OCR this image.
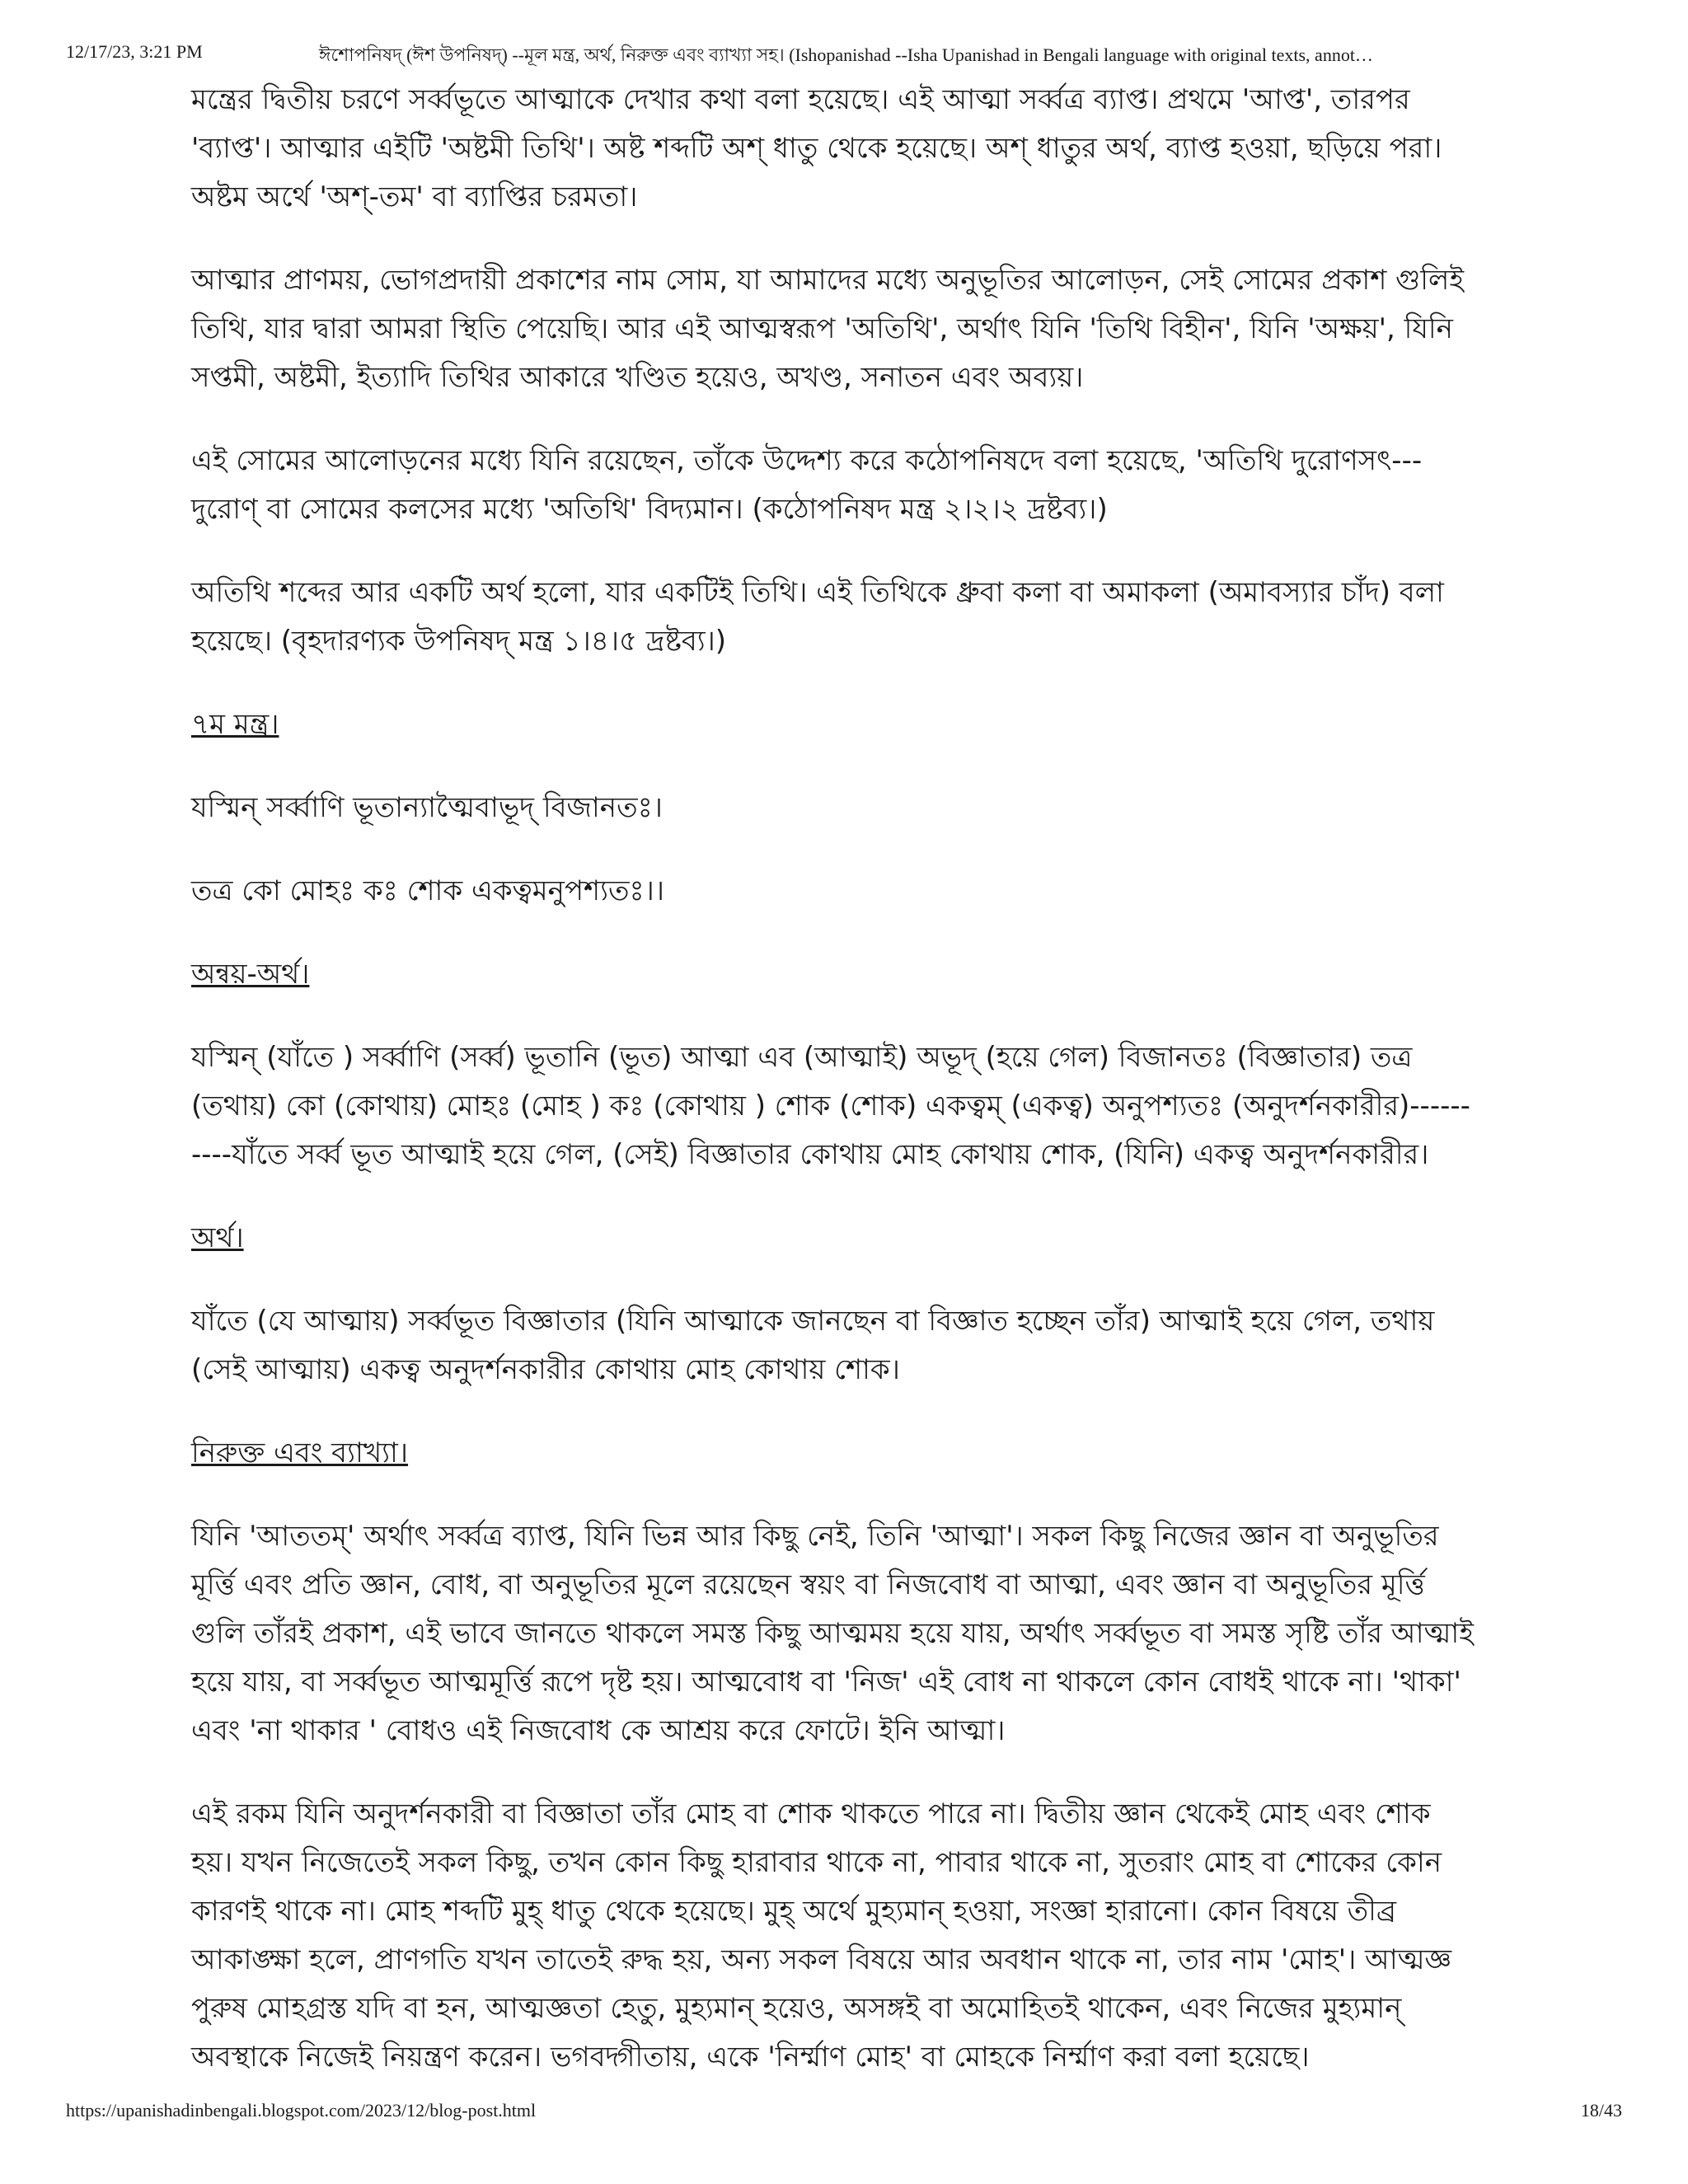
12/17/23, 3:21 PM	ঈশোপনিষদ্ (ঈশ উপনিষদ্) --মূল মন্ত্র, অর্থ, নিরুক্ত এবং ব্যাখ্যা সহ। (Ishopanishad --Isha Upanishad in Bengali language with original texts, annot…

মন্ত্রের দ্বিতীয় চরণে সর্ব্বভূতে আত্মাকে দেখার কথা বলা হয়েছে। এই আত্মা সর্ব্বত্র ব্যাপ্ত। প্রথমে 'আপ্ত', তারপর 'ব্যাপ্ত'। আত্মার এইটি 'অষ্টমী তিথি'। অষ্ট শব্দটি অশ্‌ ধাতু থেকে হয়েছে। অশ্‌ ধাতুর অর্থ, ব্যাপ্ত হওয়া, ছড়িয়ে পরা। অষ্টম অর্থে 'অশ্‌-তম' বা ব্যাপ্তির চরমতা।

আত্মার প্রাণময়, ভোগপ্রদায়ী প্রকাশের নাম সোম, যা আমাদের মধ্যে অনুভূতির আলোড়ন, সেই সোমের প্রকাশ গুলিই তিথি, যার দ্বারা আমরা স্থিতি পেয়েছি। আর এই আত্মস্বরূপ 'অতিথি', অর্থাৎ যিনি 'তিথি বিহীন', যিনি 'অক্ষয়', যিনি সপ্তমী, অষ্টমী, ইত্যাদি তিথির আকারে খণ্ডিত হয়েও, অখণ্ড, সনাতন এবং অব্যয়।

এই সোমের আলোড়নের মধ্যে যিনি রয়েছেন, তাঁকে উদ্দেশ্য করে কঠোপনিষদে বলা হয়েছে, 'অতিথি দুরোণসৎ--- দুরোণ্‌ বা সোমের কলসের মধ্যে 'অতিথি' বিদ্যমান। (কঠোপনিষদ মন্ত্র ২।২।২ দ্রষ্টব্য।)

অতিথি শব্দের আর একটি অর্থ হলো, যার একটিই তিথি। এই তিথিকে ধ্রুবা কলা বা অমাকলা (অমাবস্যার চাঁদ) বলা হয়েছে। (বৃহদারণ্যক উপনিষদ্‌ মন্ত্র ১।৪।৫ দ্রষ্টব্য।)

৭ম মন্ত্র।

যস্মিন্‌ সর্ব্বাণি ভূতান্যাত্মৈবাভূদ্‌ বিজানতঃ।

তত্র কো মোহঃ কঃ শোক একত্বমনুপশ্যতঃ।।

অন্বয়-অর্থ।

যস্মিন্‌ (যাঁতে ) সর্ব্বাণি (সর্ব্ব) ভূতানি (ভূত) আত্মা এব (আত্মাই) অভূদ্‌ (হয়ে গেল) বিজানতঃ (বিজ্ঞাতার) তত্র (তথায়) কো (কোথায়) মোহঃ (মোহ ) কঃ (কোথায় ) শোক (শোক) একত্বম্‌ (একত্ব) অনুপশ্যতঃ (অনুদর্শনকারীর)----------যাঁতে সর্ব্ব ভূত আত্মাই হয়ে গেল, (সেই) বিজ্ঞাতার কোথায় মোহ কোথায় শোক, (যিনি) একত্ব অনুদর্শনকারীর।

অর্থ।

যাঁতে (যে আত্মায়) সর্ব্বভূত বিজ্ঞাতার (যিনি আত্মাকে জানছেন বা বিজ্ঞাত হচ্ছেন তাঁর) আত্মাই হয়ে গেল, তথায় (সেই আত্মায়) একত্ব অনুদর্শনকারীর কোথায় মোহ কোথায় শোক।

নিরুক্ত এবং ব্যাখ্যা।

যিনি 'আততম্‌' অর্থাৎ সর্ব্বত্র ব্যাপ্ত, যিনি ভিন্ন আর কিছু নেই, তিনি 'আত্মা'। সকল কিছু নিজের জ্ঞান বা অনুভূতির মূর্ত্তি এবং প্রতি জ্ঞান, বোধ, বা অনুভূতির মূলে রয়েছেন স্বয়ং বা নিজবোধ বা আত্মা, এবং জ্ঞান বা অনুভূতির মূর্ত্তি গুলি তাঁরই প্রকাশ, এই ভাবে জানতে থাকলে সমস্ত কিছু আত্মময় হয়ে যায়, অর্থাৎ সর্ব্বভূত বা সমস্ত সৃষ্টি তাঁর আত্মাই হয়ে যায়, বা সর্ব্বভূত আত্মমূর্ত্তি রূপে দৃষ্ট হয়। আত্মবোধ বা 'নিজ' এই বোধ না থাকলে কোন বোধই থাকে না। 'থাকা' এবং 'না থাকার ' বোধও এই নিজবোধ কে আশ্রয় করে ফোটে। ইনি আত্মা।

এই রকম যিনি অনুদর্শনকারী বা বিজ্ঞাতা তাঁর মোহ বা শোক থাকতে পারে না। দ্বিতীয় জ্ঞান থেকেই মোহ এবং শোক হয়। যখন নিজেতেই সকল কিছু, তখন কোন কিছু হারাবার থাকে না, পাবার থাকে না, সুতরাং মোহ বা শোকের কোন কারণই থাকে না। মোহ শব্দটি মুহ্‌ ধাতু থেকে হয়েছে। মুহ্‌ অর্থে মুহ্যমান্‌ হওয়া, সংজ্ঞা হারানো। কোন বিষয়ে তীব্র আকাঙ্ক্ষা হলে, প্রাণগতি যখন তাতেই রুদ্ধ হয়, অন্য সকল বিষয়ে আর অবধান থাকে না, তার নাম 'মোহ'। আত্মজ্ঞ পুরুষ মোহগ্রস্ত যদি বা হন, আত্মজ্ঞতা হেতু, মুহ্যমান্‌ হয়েও, অসঙ্গই বা অমোহিতই থাকেন, এবং নিজের মুহ্যমান্‌ অবস্থাকে নিজেই নিয়ন্ত্রণ করেন। ভগবদ্গীতায়, একে 'নির্ম্মাণ মোহ' বা মোহকে নির্ম্মাণ করা বলা হয়েছে।

https://upanishadinbengali.blogspot.com/2023/12/blog-post.html	18/43
